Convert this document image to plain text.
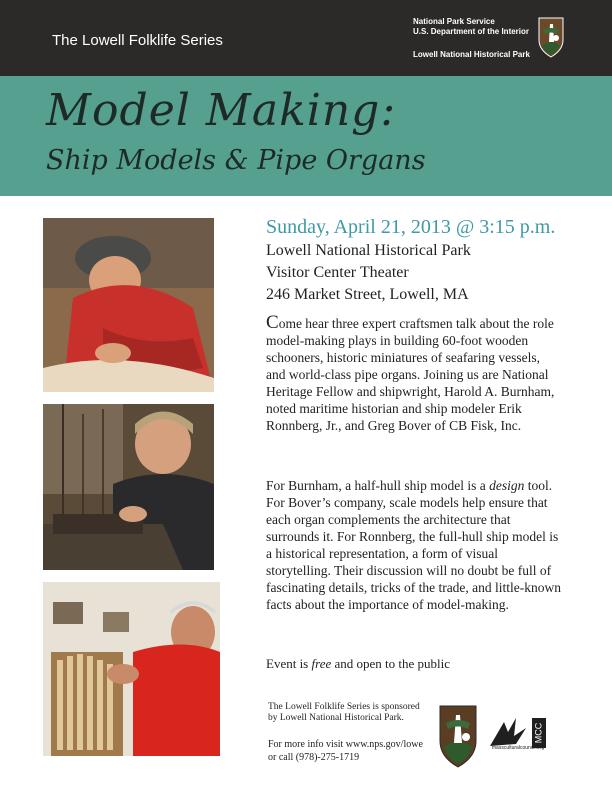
The Lowell Folklife Series
National Park Service
U.S. Department of the Interior
Lowell National Historical Park
Model Making:
Ship Models & Pipe Organs
Sunday, April 21, 2013 @ 3:15 p.m.
Lowell National Historical Park
Visitor Center Theater
246 Market Street, Lowell, MA
Come hear three expert craftsmen talk about the role model-making plays in building 60-foot wooden schooners, historic miniatures of seafaring vessels, and world-class pipe organs. Joining us are National Heritage Fellow and shipwright, Harold A. Burnham, noted maritime historian and ship modeler Erik Ronnberg, Jr., and Greg Bover of CB Fisk, Inc.
For Burnham, a half-hull ship model is a design tool. For Bover’s company, scale models help ensure that each organ complements the architecture that surrounds it. For Ronnberg, the full-hull ship model is a historical representation, a form of visual storytelling. Their discussion will no doubt be full of fascinating details, tricks of the trade, and little-known facts about the importance of model-making.
Event is free and open to the public
The Lowell Folklife Series is sponsored
by Lowell National Historical Park.
For more info visit www.nps.gov/lowe
or call (978)-275-1719
MCC
massculturalcouncil.org
